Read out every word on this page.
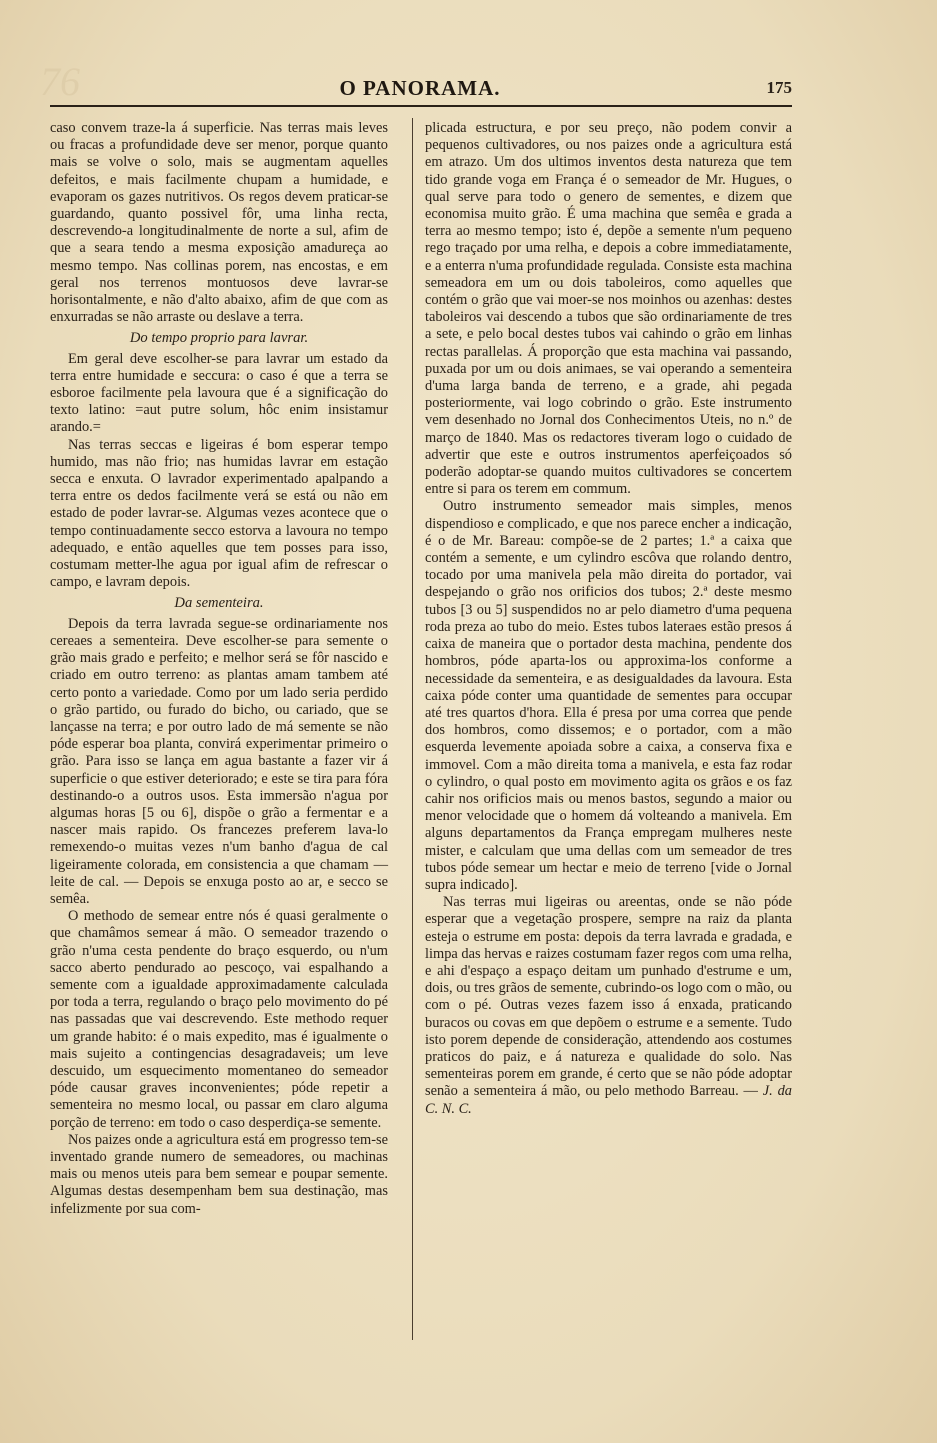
76	O PANORAMA.	175

caso convem traze-la á superficie. Nas terras mais leves ou fracas a profundidade deve ser menor, porque quanto mais se volve o solo, mais se augmentam aquelles defeitos, e mais facilmente chupam a humidade, e evaporam os gazes nutritivos. Os regos devem praticar-se guardando, quanto possivel fôr, uma linha recta, descrevendo-a longitudinalmente de norte a sul, afim de que a seara tendo a mesma exposição amadureça ao mesmo tempo. Nas collinas porem, nas encostas, e em geral nos terrenos montuosos deve lavrar-se horisontalmente, e não d'alto abaixo, afim de que com as enxurradas se não arraste ou deslave a terra.

Do tempo proprio para lavrar.

Em geral deve escolher-se para lavrar um estado da terra entre humidade e seccura: o caso é que a terra se esboroe facilmente pela lavoura que é a significação do texto latino: =aut putre solum, hôc enim insistamur arando.=

Nas terras seccas e ligeiras é bom esperar tempo humido, mas não frio; nas humidas lavrar em estação secca e enxuta. O lavrador experimentado apalpando a terra entre os dedos facilmente verá se está ou não em estado de poder lavrar-se. Algumas vezes acontece que o tempo continuadamente secco estorva a lavoura no tempo adequado, e então aquelles que tem posses para isso, costumam metter-lhe agua por igual afim de refrescar o campo, e lavram depois.

Da sementeira.

Depois da terra lavrada segue-se ordinariamente nos cereaes a sementeira. Deve escolher-se para semente o grão mais grado e perfeito; e melhor será se fôr nascido e criado em outro terreno: as plantas amam tambem até certo ponto a variedade. Como por um lado seria perdido o grão partido, ou furado do bicho, ou cariado, que se lançasse na terra; e por outro lado de má semente se não póde esperar boa planta, convirá experimentar primeiro o grão. Para isso se lança em agua bastante a fazer vir á superficie o que estiver deteriorado; e este se tira para fóra destinando-o a outros usos. Esta immersão n'agua por algumas horas [5 ou 6], dispõe o grão a fermentar e a nascer mais rapido. Os francezes preferem lava-lo remexendo-o muitas vezes n'um banho d'agua de cal ligeiramente colorada, em consistencia a que chamam — leite de cal. — Depois se enxuga posto ao ar, e secco se semêa.

O methodo de semear entre nós é quasi geralmente o que chamâmos semear á mão. O semeador trazendo o grão n'uma cesta pendente do braço esquerdo, ou n'um sacco aberto pendurado ao pescoço, vai espalhando a semente com a igualdade approximadamente calculada por toda a terra, regulando o braço pelo movimento do pé nas passadas que vai descrevendo. Este methodo requer um grande habito: é o mais expedito, mas é igualmente o mais sujeito a contingencias desagradaveis; um leve descuido, um esquecimento momentaneo do semeador póde causar graves inconvenientes; póde repetir a sementeira no mesmo local, ou passar em claro alguma porção de terreno: em todo o caso desperdiça-se semente.

Nos paizes onde a agricultura está em progresso tem-se inventado grande numero de semeadores, ou machinas mais ou menos uteis para bem semear e poupar semente. Algumas destas desempenham bem sua destinação, mas infelizmente por sua com-

plicada estructura, e por seu preço, não podem convir a pequenos cultivadores, ou nos paizes onde a agricultura está em atrazo. Um dos ultimos inventos desta natureza que tem tido grande voga em França é o semeador de Mr. Hugues, o qual serve para todo o genero de sementes, e dizem que economisa muito grão. É uma machina que semêa e grada a terra ao mesmo tempo; isto é, depõe a semente n'um pequeno rego traçado por uma relha, e depois a cobre immediatamente, e a enterra n'uma profundidade regulada. Consiste esta machina semeadora em um ou dois taboleiros, como aquelles que contém o grão que vai moer-se nos moinhos ou azenhas: destes taboleiros vai descendo a tubos que são ordinariamente de tres a sete, e pelo bocal destes tubos vai cahindo o grão em linhas rectas parallelas. Á proporção que esta machina vai passando, puxada por um ou dois animaes, se vai operando a sementeira d'uma larga banda de terreno, e a grade, ahi pegada posteriormente, vai logo cobrindo o grão. Este instrumento vem desenhado no Jornal dos Conhecimentos Uteis, no n.º de março de 1840. Mas os redactores tiveram logo o cuidado de advertir que este e outros instrumentos aperfeiçoados só poderão adoptar-se quando muitos cultivadores se concertem entre si para os terem em commum.

Outro instrumento semeador mais simples, menos dispendioso e complicado, e que nos parece encher a indicação, é o de Mr. Bareau: compõe-se de 2 partes; 1.ª a caixa que contém a semente, e um cylindro escôva que rolando dentro, tocado por uma manivela pela mão direita do portador, vai despejando o grão nos orificios dos tubos; 2.ª deste mesmo tubos [3 ou 5] suspendidos no ar pelo diametro d'uma pequena roda preza ao tubo do meio. Estes tubos lateraes estão presos á caixa de maneira que o portador desta machina, pendente dos hombros, póde aparta-los ou approxima-los conforme a necessidade da sementeira, e as desigualdades da lavoura. Esta caixa póde conter uma quantidade de sementes para occupar até tres quartos d'hora. Ella é presa por uma correa que pende dos hombros, como dissemos; e o portador, com a mão esquerda levemente apoiada sobre a caixa, a conserva fixa e immovel. Com a mão direita toma a manivela, e esta faz rodar o cylindro, o qual posto em movimento agita os grãos e os faz cahir nos orificios mais ou menos bastos, segundo a maior ou menor velocidade que o homem dá volteando a manivela. Em alguns departamentos da França empregam mulheres neste mister, e calculam que uma dellas com um semeador de tres tubos póde semear um hectar e meio de terreno [vide o Jornal supra indicado].

Nas terras mui ligeiras ou areentas, onde se não póde esperar que a vegetação prospere, sempre na raiz da planta esteja o estrume em posta: depois da terra lavrada e gradada, e limpa das hervas e raizes costumam fazer regos com uma relha, e ahi d'espaço a espaço deitam um punhado d'estrume e um, dois, ou tres grãos de semente, cubrindo-os logo com o mão, ou com o pé. Outras vezes fazem isso á enxada, praticando buracos ou covas em que depõem o estrume e a semente. Tudo isto porem depende de consideração, attendendo aos costumes praticos do paiz, e á natureza e qualidade do solo. Nas sementeiras porem em grande, é certo que se não póde adoptar senão a sementeira á mão, ou pelo methodo Barreau. — J. da C. N. C.
